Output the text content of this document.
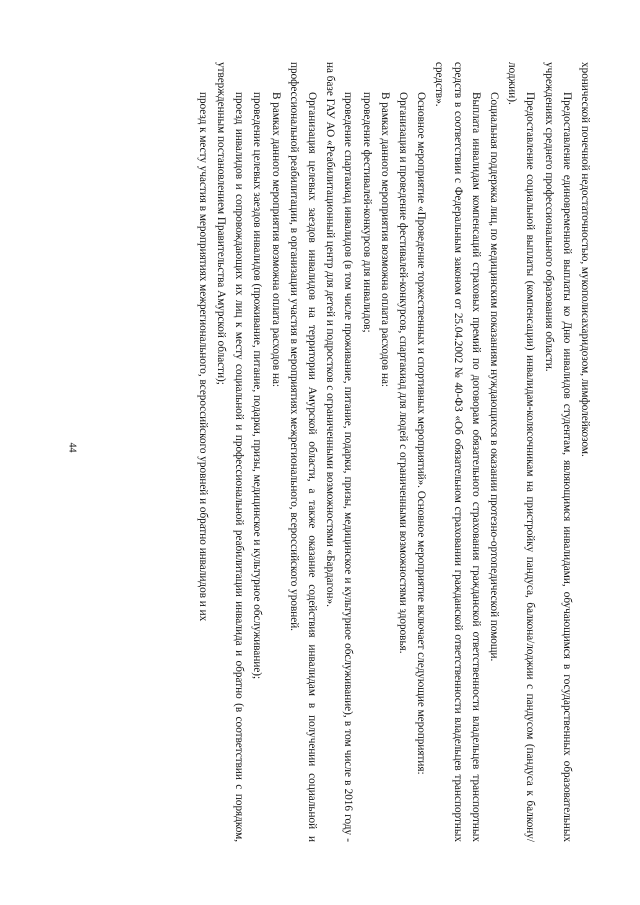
44	хронической почечной недостаточностью, мукополисахаридозом, лимфолейкозом.

Предоставление единовременной выплаты ко Дню инвалидов студентам, являющимся инвалидами, обучающимся в государственных образовательных учреждениях среднего профессионального образования области.

Предоставление социальной выплаты (компенсации) инвалидам-колясочникам на пристройку пандуса, балкона/лоджии с пандусом (пандуса к балкону/лоджии).

Социальная поддержка лиц, по медицинским показаниям нуждающихся в оказании протезно-ортопедической помощи.

Выплата инвалидам компенсаций страховых премий по договорам обязательного страхования гражданской ответственности владельцев транспортных средств в соответствии с Федеральным законом от 25.04.2002 № 40-ФЗ «Об обязательном страховании гражданской ответственности владельцев транспортных средств».

Основное мероприятие «Проведение торжественных и спортивных мероприятий». Основное мероприятие включает следующие мероприятия:

Организация и проведение фестивалей-конкурсов, спартакиад для людей с ограниченными возможностями здоровья.

В рамках данного мероприятия возможна оплата расходов на:

проведение фестивалей-конкурсов для инвалидов;

проведение спартакиад инвалидов (в том числе проживание, питание, подарки, призы, медицинское и культурное обслуживание), в том числе в 2016 году - на базе ГАУ АО «Реабилитационный центр для детей и подростков с ограниченными возможностями «Бардагон».

Организация целевых заездов инвалидов на территории Амурской области, а также оказание содействия инвалидам в получении социальной и профессиональной реабилитации, в организации участия в мероприятиях межрегионального, всероссийского уровней.

В рамках данного мероприятия возможна оплата расходов на:

проведение целевых заездов инвалидов (проживание, питание, подарки, призы, медицинское и культурное обслуживание);

проезд инвалидов и сопровождающих их лиц к месту социальной и профессиональной реабилитации инвалида и обратно (в соответствии с порядком, утвержденным постановлением Правительства Амурской области);

проезд к месту участия в мероприятиях межрегионального, всероссийского уровней и обратно инвалидов и их
